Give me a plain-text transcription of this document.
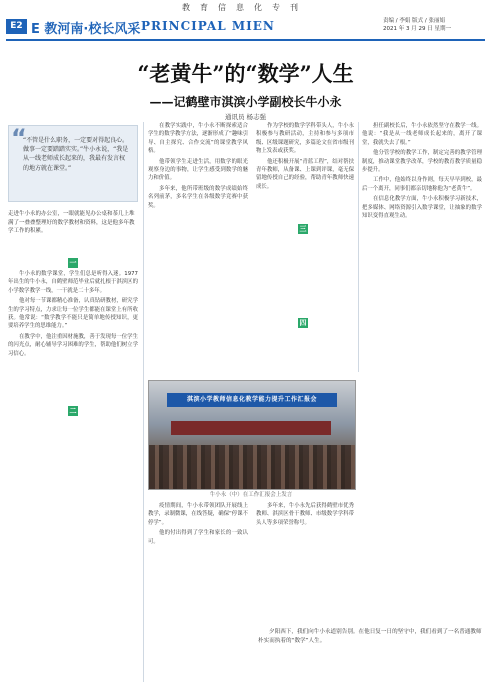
教育信息化专刊
E2 E 教河南·校长风采 PRINCIPAL MIEN	责编 / 李娟 版式 / 张丽娟
2021 年 3 月 29 日 星期一
“老黄牛”的“数学”人生
——记鹤壁市淇滨小学副校长牛小永
通讯员 杨志强
“
“不管是什么职务，一定要对得起良心。做事一定要踏踏实实。”牛小永说，“我是从一线老师成长起来的，我最有发言权的地方就在课堂。”
走进牛小永的办公室，一眼就能见办公桌和茶几上堆满了一叠叠整理好的数学教材和资料，这是他多年教学工作的积累。
一
二
三
四

牛小永的数学课堂，学生们总是听得入迷。1977年出生的牛小永，自鹤壁师范毕业后就扎根于淇滨区的小学数学教学一线，一干就是二十多年。

他对每一节课都精心准备，认真钻研教材，研究学生的学习特点，力求让每一位学生都能在课堂上有所收获。他常说：“数学教学不能只是简单地传授知识，更要培养学生的思维能力。”

在教学中，他注重因材施教，善于发现每一位学生的闪光点，耐心辅导学习困难的学生，帮助他们树立学习信心。

在教学实践中，牛小永不断探索适合学生的数学教学方法，逐渐形成了“趣味引导、自主探究、合作交流”的课堂教学风格。

他带领学生走进生活，用数学的眼光观察身边的事物，让学生感受到数学的魅力和价值。

多年来，他所带班级的数学成绩始终名列前茅，多名学生在各级数学竞赛中获奖。

作为学校的数学学科带头人，牛小永积极参与教研活动，主持和参与多项市级、区级课题研究，多篇论文在省市级刊物上发表或获奖。

他还积极开展“青蓝工程”，结对帮扶青年教师，从备课、上课到评课，毫无保留地传授自己的经验，帮助青年教师快速成长。

担任副校长后，牛小永依然坚守在教学一线。他说：“我是从一线老师成长起来的，离开了课堂，我就失去了根。”

他分管学校的教学工作，制定完善的教学管理制度，推动课堂教学改革，学校的教育教学质量稳步提升。

工作中，他始终以身作则，每天早早到校，最后一个离开，同事们都亲切地称他为“老黄牛”。

在信息化教学方面，牛小永积极学习新技术，把多媒体、网络资源引入数学课堂，让抽象的数学知识变得直观生动。

淇滨小学教师信息化教学能力提升工作汇报会
牛小永（中）在工作汇报会上发言

疫情期间，牛小永带领团队开展线上教学，录制微课，在线答疑，确保“停课不停学”。

他的付出得到了学生和家长的一致认可。

多年来，牛小永先后获得鹤壁市优秀教师、淇滨区骨干教师、市级数学学科带头人等多项荣誉称号。

夕阳西下，我们向牛小永道别告别。在他日复一日的坚守中，我们看到了一名普通教师朴实而执着的“数学”人生。
